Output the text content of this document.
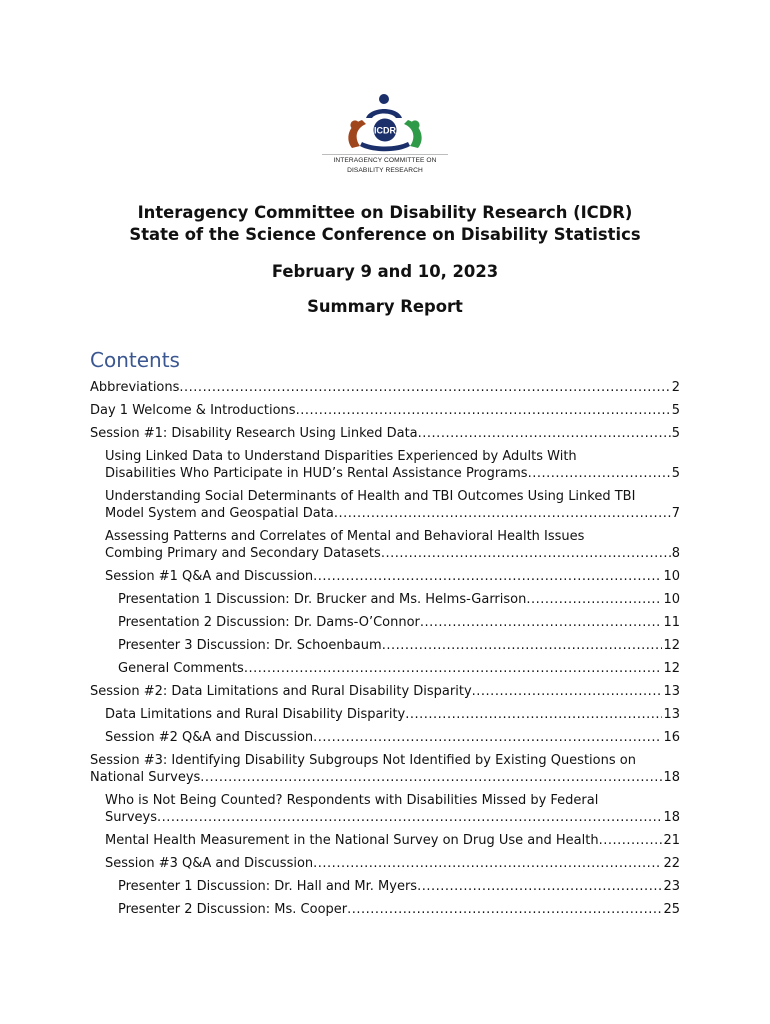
ICDR
INTERAGENCY COMMITTEE ON
DISABILITY RESEARCH
Interagency Committee on Disability Research (ICDR)
State of the Science Conference on Disability Statistics
February 9 and 10, 2023
Summary Report
Contents
Abbreviations .....	2
Day 1 Welcome & Introductions .....	5
Session #1: Disability Research Using Linked Data .....	5
Using Linked Data to Understand Disparities Experienced by Adults With
Disabilities Who Participate in HUD’s Rental Assistance Programs .....	5
Understanding Social Determinants of Health and TBI Outcomes Using Linked TBI
Model System and Geospatial Data .....	7
Assessing Patterns and Correlates of Mental and Behavioral Health Issues
Combing Primary and Secondary Datasets .....	8
Session #1 Q&A and Discussion .....	10
Presentation 1 Discussion: Dr. Brucker and Ms. Helms-Garrison .....	10
Presentation 2 Discussion: Dr. Dams-O’Connor .....	11
Presenter 3 Discussion: Dr. Schoenbaum .....	12
General Comments .....	12
Session #2: Data Limitations and Rural Disability Disparity .....	13
Data Limitations and Rural Disability Disparity .....	13
Session #2 Q&A and Discussion .....	16
Session #3: Identifying Disability Subgroups Not Identified by Existing Questions on
National Surveys .....	18
Who is Not Being Counted? Respondents with Disabilities Missed by Federal
Surveys .....	18
Mental Health Measurement in the National Survey on Drug Use and Health .....	21
Session #3 Q&A and Discussion .....	22
Presenter 1 Discussion: Dr. Hall and Mr. Myers .....	23
Presenter 2 Discussion: Ms. Cooper .....	25
